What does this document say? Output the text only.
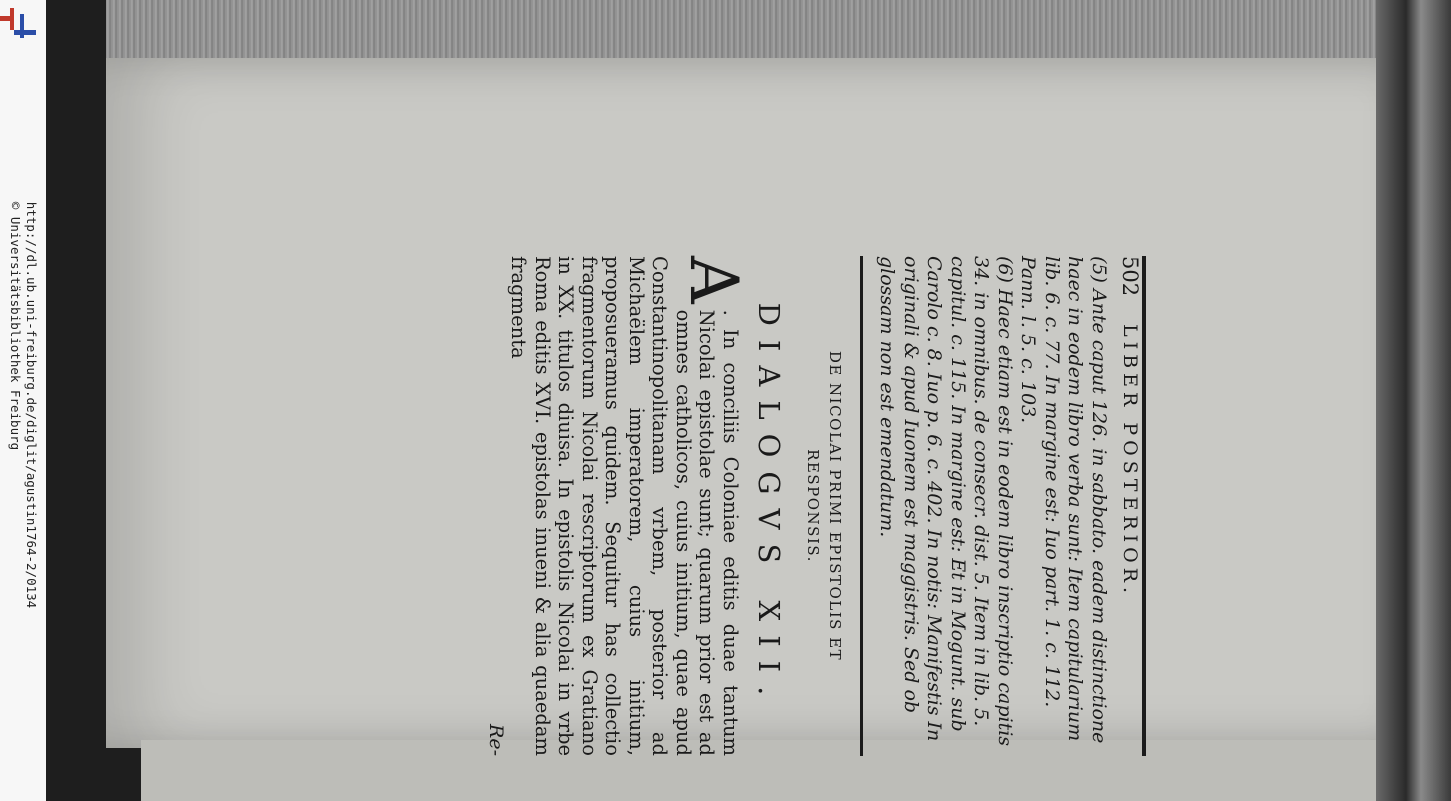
http://dl.ub.uni-freiburg.de/diglit/agustin1764-2/0134
© Universitätsbibliothek Freiburg	502
LIBER POSTERIOR.

(5) Ante caput 126. in sabbato. eadem distinctione haec in eodem libro verba sunt: Item capitularium lib. 6. c. 77. In margine est: Iuo part. 1. c. 112. Pann. l. 5. c. 103.

(6) Haec etiam est in eodem libro inscriptio capitis 34. in omnibus. de consecr. dist. 5. Item in lib. 5. capitul. c. 115. In margine est: Et in Mogunt. sub Carolo c. 8. Iuo p. 6. c. 402. In notis: Manifestis In originali & apud Iuonem est maggistris. Sed ob glossam non est emendatum.

DE NICOLAI PRIMI EPISTOLIS ET
RESPONSIS.
DIALOGVS XII.
A
. In conciliis Coloniae editis duae tantum Nicolai epistolae sunt; quarum prior est ad omnes catholicos, cuius initium, quae apud Constantinopolitanam vrbem, posterior ad Michaëlem imperatorem, cuius initium, proposueramus quidem. Sequitur has collectio fragmentorum Nicolai rescriptorum ex Gratiano in XX. titulos diuisa. In epistolis Nicolai in vrbe Roma editis XVI. epistolas inueni & alia quaedam fragmenta
Re-
